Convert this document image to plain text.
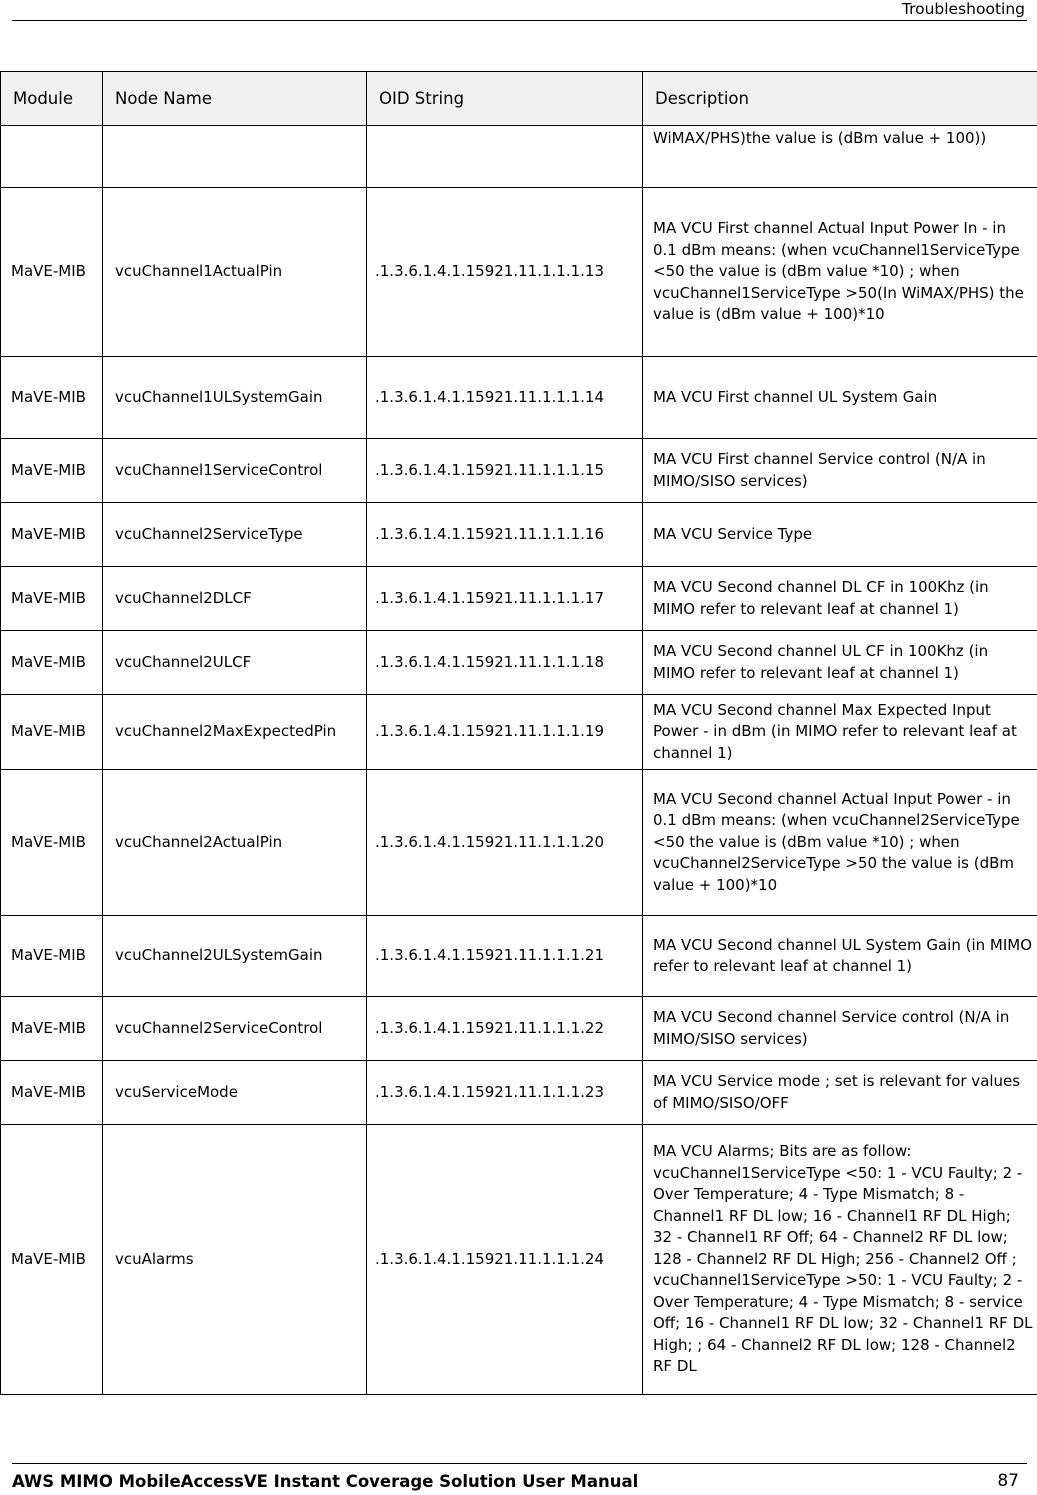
Troubleshooting
Module	Node Name	OID String	Description
			WiMAX/PHS)the value is (dBm value + 100))
MaVE-MIB	vcuChannel1ActualPin	.1.3.6.1.4.1.15921.11.1.1.1.13	MA VCU First channel Actual Input Power In - in 0.1 dBm means: (when vcuChannel1ServiceType <50 the value is (dBm value *10) ; when vcuChannel1ServiceType >50(In WiMAX/PHS) the value is (dBm value + 100)*10
MaVE-MIB	vcuChannel1ULSystemGain	.1.3.6.1.4.1.15921.11.1.1.1.14	MA VCU First channel UL System Gain
MaVE-MIB	vcuChannel1ServiceControl	.1.3.6.1.4.1.15921.11.1.1.1.15	MA VCU First channel Service control (N/A in MIMO/SISO services)
MaVE-MIB	vcuChannel2ServiceType	.1.3.6.1.4.1.15921.11.1.1.1.16	MA VCU Service Type
MaVE-MIB	vcuChannel2DLCF	.1.3.6.1.4.1.15921.11.1.1.1.17	MA VCU Second channel DL CF in 100Khz (in MIMO refer to relevant leaf at channel 1)
MaVE-MIB	vcuChannel2ULCF	.1.3.6.1.4.1.15921.11.1.1.1.18	MA VCU Second channel UL CF in 100Khz (in MIMO refer to relevant leaf at channel 1)
MaVE-MIB	vcuChannel2MaxExpectedPin	.1.3.6.1.4.1.15921.11.1.1.1.19	MA VCU Second channel Max Expected Input Power - in dBm (in MIMO refer to relevant leaf at channel 1)
MaVE-MIB	vcuChannel2ActualPin	.1.3.6.1.4.1.15921.11.1.1.1.20	MA VCU Second channel Actual Input Power - in 0.1 dBm means: (when vcuChannel2ServiceType <50 the value is (dBm value *10) ; when vcuChannel2ServiceType >50 the value is (dBm value + 100)*10
MaVE-MIB	vcuChannel2ULSystemGain	.1.3.6.1.4.1.15921.11.1.1.1.21	MA VCU Second channel UL System Gain (in MIMO refer to relevant leaf at channel 1)
MaVE-MIB	vcuChannel2ServiceControl	.1.3.6.1.4.1.15921.11.1.1.1.22	MA VCU Second channel Service control (N/A in MIMO/SISO services)
MaVE-MIB	vcuServiceMode	.1.3.6.1.4.1.15921.11.1.1.1.23	MA VCU Service mode ; set is relevant for values of MIMO/SISO/OFF
MaVE-MIB	vcuAlarms	.1.3.6.1.4.1.15921.11.1.1.1.24	MA VCU Alarms; Bits are as follow: vcuChannel1ServiceType <50: 1 - VCU Faulty; 2 - Over Temperature; 4 - Type Mismatch; 8 - Channel1 RF DL low; 16 - Channel1 RF DL High; 32 - Channel1 RF Off; 64 - Channel2 RF DL low; 128 - Channel2 RF DL High; 256 - Channel2 Off ; vcuChannel1ServiceType >50: 1 - VCU Faulty; 2 - Over Temperature; 4 - Type Mismatch; 8 - service Off; 16 - Channel1 RF DL low; 32 - Channel1 RF DL High; ; 64 - Channel2 RF DL low; 128 - Channel2 RF DL
AWS MIMO MobileAccessVE Instant Coverage Solution User Manual	87
